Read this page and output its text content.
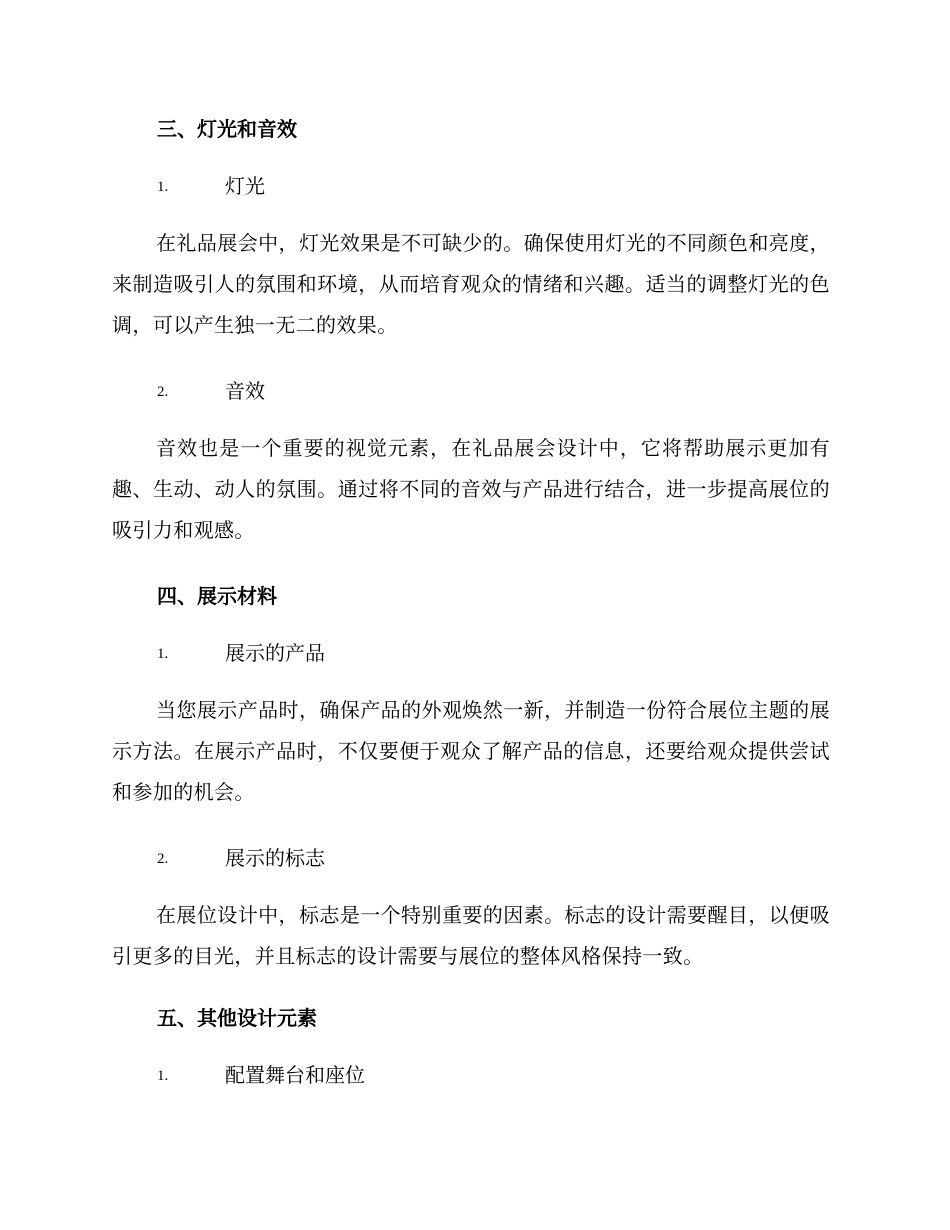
三、灯光和音效
1.	灯光
在礼品展会中，灯光效果是不可缺少的。确保使用灯光的不同颜色和亮度，来制造吸引人的氛围和环境，从而培育观众的情绪和兴趣。适当的调整灯光的色调，可以产生独一无二的效果。
2.	音效
音效也是一个重要的视觉元素，在礼品展会设计中，它将帮助展示更加有趣、生动、动人的氛围。通过将不同的音效与产品进行结合，进一步提高展位的吸引力和观感。
四、展示材料
1.	展示的产品
当您展示产品时，确保产品的外观焕然一新，并制造一份符合展位主题的展示方法。在展示产品时，不仅要便于观众了解产品的信息，还要给观众提供尝试和参加的机会。
2.	展示的标志
在展位设计中，标志是一个特别重要的因素。标志的设计需要醒目，以便吸引更多的目光，并且标志的设计需要与展位的整体风格保持一致。
五、其他设计元素
1.	配置舞台和座位
